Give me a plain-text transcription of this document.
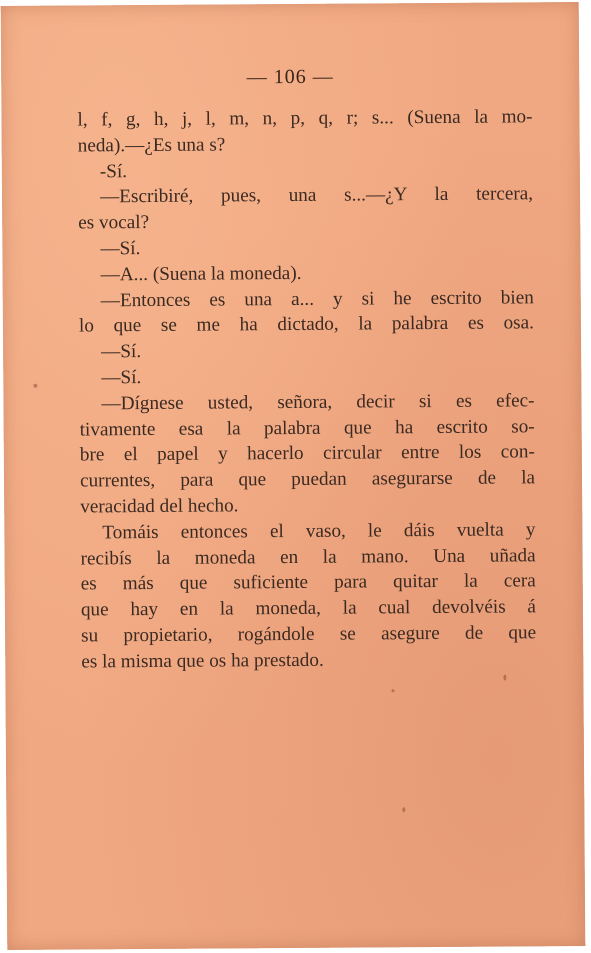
— 106 —
l, f, g, h, j, l, m, n, p, q, r; s... (Suena la mo-
neda).—¿Es una s?
-Sí.
—Escribiré, pues, una s...—¿Y la tercera,
es vocal?
—Sí.
—A... (Suena la moneda).
—Entonces es una a... y si he escrito bien
lo que se me ha dictado, la palabra es osa.
—Sí.
—Sí.
—Dígnese usted, señora, decir si es efec-
tivamente esa la palabra que ha escrito so-
bre el papel y hacerlo circular entre los con-
currentes, para que puedan asegurarse de la
veracidad del hecho.
Tomáis entonces el vaso, le dáis vuelta y
recibís la moneda en la mano. Una uñada
es más que suficiente para quitar la cera
que hay en la moneda, la cual devolvéis á
su propietario, rogándole se asegure de que
es la misma que os ha prestado.
